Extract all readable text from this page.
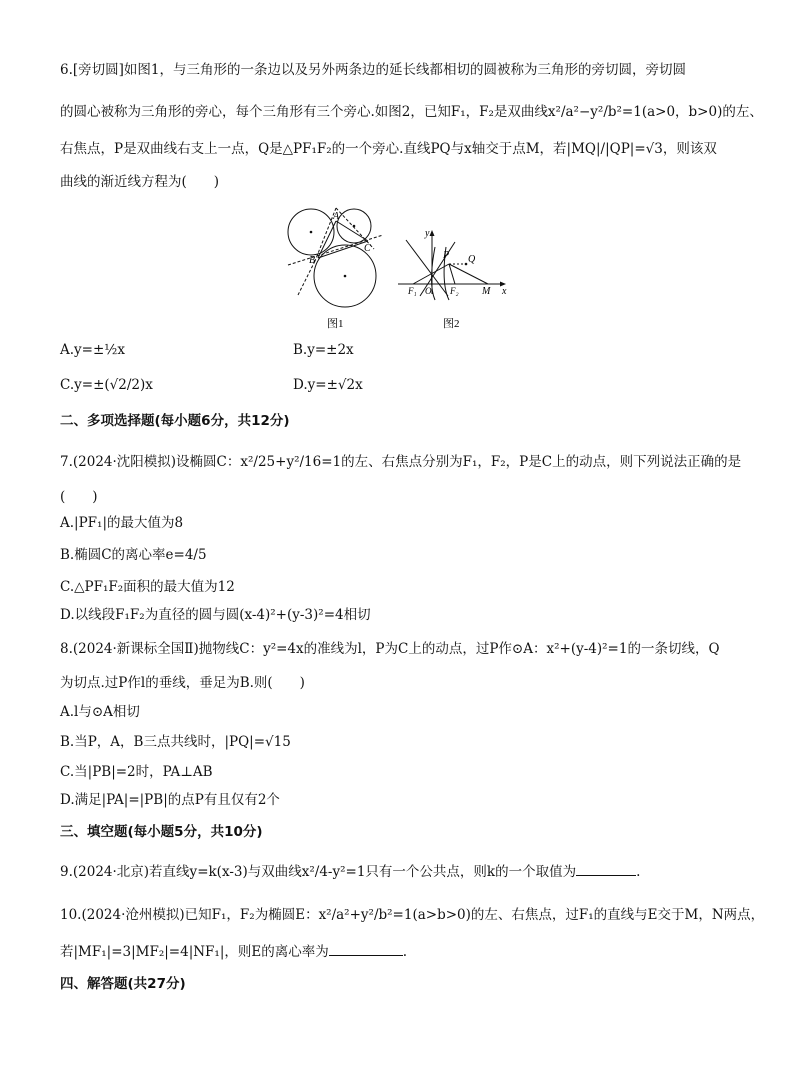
6.[旁切圆]如图1，与三角形的一条边以及另外两条边的延长线都相切的圆被称为三角形的旁切圆，旁切圆
的圆心被称为三角形的旁心，每个三角形有三个旁心.如图2，已知F₁，F₂是双曲线x²/a²−y²/b²=1(a>0，b>0)的左、
右焦点，P是双曲线右支上一点，Q是△PF₁F₂的一个旁心.直线PQ与x轴交于点M，若|MQ|/|QP|=√3，则该双
曲线的渐近线方程为(　　)
A
B
C
图1
y
P Q
F₁ O F₂ M x
图2
A.y=±½x	B.y=±2x
C.y=±(√2/2)x	D.y=±√2x
二、多项选择题(每小题6分，共12分)
7.(2024·沈阳模拟)设椭圆C：x²/25+y²/16=1的左、右焦点分别为F₁，F₂，P是C上的动点，则下列说法正确的是
(　　)
A.|PF₁|的最大值为8
B.椭圆C的离心率e=4/5
C.△PF₁F₂面积的最大值为12
D.以线段F₁F₂为直径的圆与圆(x-4)²+(y-3)²=4相切
8.(2024·新课标全国Ⅱ)抛物线C：y²=4x的准线为l，P为C上的动点，过P作⊙A：x²+(y-4)²=1的一条切线，Q
为切点.过P作l的垂线，垂足为B.则(　　)
A.l与⊙A相切
B.当P，A，B三点共线时，|PQ|=√15
C.当|PB|=2时，PA⊥AB
D.满足|PA|=|PB|的点P有且仅有2个
三、填空题(每小题5分，共10分)
9.(2024·北京)若直线y=k(x-3)与双曲线x²/4-y²=1只有一个公共点，则k的一个取值为	.
10.(2024·沧州模拟)已知F₁，F₂为椭圆E：x²/a²+y²/b²=1(a>b>0)的左、右焦点，过F₁的直线与E交于M，N两点，
若|MF₁|=3|MF₂|=4|NF₁|，则E的离心率为	.
四、解答题(共27分)
